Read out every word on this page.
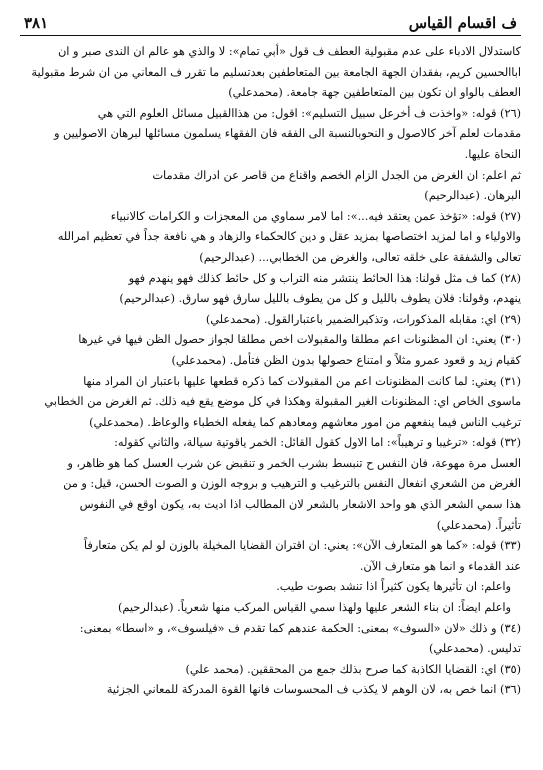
ف اقسام القياس
٣٨١
كاستدلال الادباء على عدم مقبولية العطف ف قول «أبي تمام»: لا والذي هو عالم ان الندى صبر و ان
اباالحسين كريم، بفقدان الجهة الجامعة بين المتعاطفين بعدتسليم ما تقرر ف المعاني من ان شرط مقبولية
العطف بالواو ان تكون بين المتعاطفين جهة جامعة. (محمدعلي)
(٢٦) قوله: «واخذت ف أخرعل سبيل التسليم»: اقول: من هذاالقبيل مسائل العلوم التي هي
مقدمات لعلم آخر كالاصول و النحوبالنسبة الى الفقه فان الفقهاء يسلمون مسائلها لبرهان الاصوليين و
النحاة عليها.
ثم اعلم: ان الغرض من الجدل الزام الخصم واقناع من قاصر عن ادراك مقدمات
البرهان. (عبدالرحيم)
(٢٧) قوله: «تؤخذ عمن يعتقد فيه...»: اما لامر سماوي من المعجزات و الكرامات كالانبياء
والاولياء و اما لمزيد اختصاصها بمزيد عقل و دين كالحكماء والزهاد و هي نافعة جداً في تعظيم امرالله
تعالى والشفقة على خلقه تعالى، والغرض من الخطابي... (عبدالرحيم)
(٢٨) كما ف مثل قولنا: هذا الحائط ينتشر منه التراب و كل حائط كذلك فهو ينهدم فهو
ينهدم، وقولنا: فلان يطوف بالليل و كل من يطوف بالليل سارق فهو سارق. (عبدالرحيم)
(٢٩) اي: مقابله المذكورات، وتذكيرالضمير باعتبارالقول. (محمدعلي)
(٣٠) يعني: ان المظنونات اعم مطلقا والمقبولات اخص مطلقا لجواز حصول الظن فيها في غيرها
كقيام زيد و قعود عمرو مثلاً و امتناع حصولها بدون الظن فتأمل. (محمدعلي)
(٣١) يعني: لما كانت المظنونات اعم من المقبولات كما ذكره قطعها عليها باعتبار ان المراد منها
ماسوى الخاص اي: المظنونات الغير المقبولة وهكذا في كل موضع يقع فيه ذلك. ثم الغرض من الخطابي
ترغيب الناس فيما ينفعهم من امور معاشهم ومعادهم كما يفعله الخطباء والوعاظ. (محمدعلي)
(٣٢) قوله: «ترغيبا و ترهيباً»: اما الاول كقول القائل: الخمر ياقوتية سيالة، والثاني كقوله:
العسل مرة مهوعة، فان النفس ح تنبسط بشرب الخمر و تنقبض عن شرب العسل كما هو ظاهر، و
الغرض من الشعري انفعال النفس بالترغيب و الترهيب و بروجه الوزن و الصوت الحسن، قيل: و من
هذا سمي الشعر الذي هو واحد الاشعار بالشعر لان المطالب اذا اديت به، يكون اوقع في النفوس
تأثيراً. (محمدعلي)
(٣٣) قوله: «كما هو المتعارف الآن»: يعني: ان اقتران القضايا المخيلة بالوزن لو لم يكن متعارفاً
عند القدماء و انما هو متعارف الآن.
واعلم: ان تأثيرها يكون كثيراً اذا تنشد بصوت طيب.
واعلم ايضاً: ان بناء الشعر عليها ولهذا سمي القياس المركب منها شعرياً. (عبدالرحيم)
(٣٤) و ذلك «لان «السوف» بمعنى: الحكمة عندهم كما تقدم ف «فيلسوف»، و «اسطا» بمعنى:
تدليس. (محمدعلي)
(٣٥) اي: القضايا الكاذبة كما صرح بذلك جمع من المحققين. (محمد علي)
(٣٦) انما خص به، لان الوهم لا يكذب ف المحسوسات فانها القوة المدركة للمعاني الجزئية
